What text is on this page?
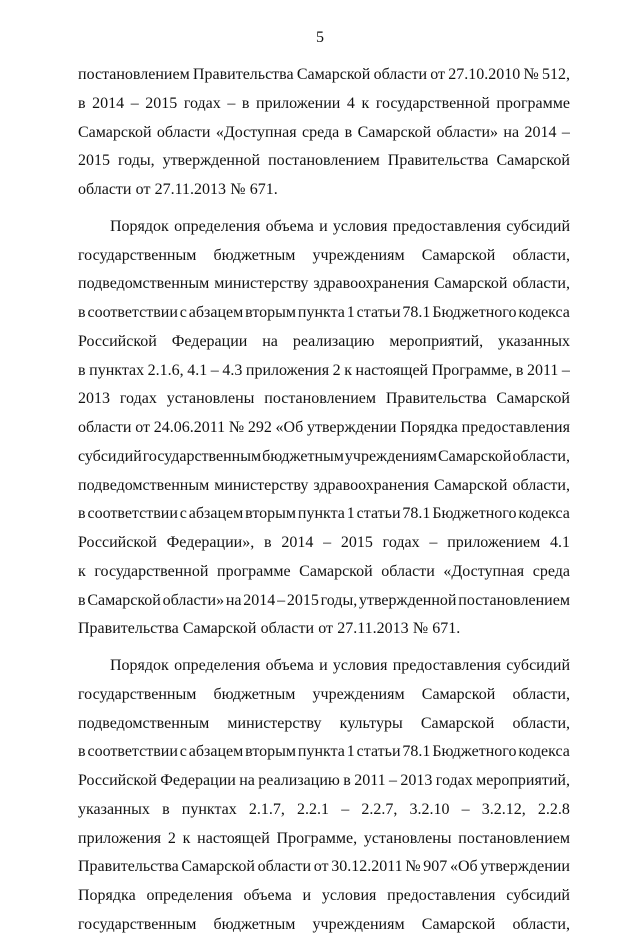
5
постановлением Правительства Самарской области от 27.10.2010 № 512,
в 2014 – 2015 годах – в приложении 4 к государственной программе
Самарской области «Доступная среда в Самарской области» на 2014 –
2015 годы, утвержденной постановлением Правительства Самарской
области от 27.11.2013 № 671.
Порядок определения объема и условия предоставления субсидий
государственным бюджетным учреждениям Самарской области,
подведомственным министерству здравоохранения Самарской области,
в соответствии с абзацем вторым пункта 1 статьи 78.1 Бюджетного кодекса
Российской Федерации на реализацию мероприятий, указанных
в пунктах 2.1.6, 4.1 – 4.3 приложения 2 к настоящей Программе, в 2011 –
2013 годах установлены постановлением Правительства Самарской
области от 24.06.2011 № 292 «Об утверждении Порядка предоставления
субсидий государственным бюджетным учреждениям Самарской области,
подведомственным министерству здравоохранения Самарской области,
в соответствии с абзацем вторым пункта 1 статьи 78.1 Бюджетного кодекса
Российской Федерации», в 2014 – 2015 годах – приложением 4.1
к государственной программе Самарской области «Доступная среда
в Самарской области» на 2014 – 2015 годы, утвержденной постановлением
Правительства Самарской области от 27.11.2013 № 671.
Порядок определения объема и условия предоставления субсидий
государственным бюджетным учреждениям Самарской области,
подведомственным министерству культуры Самарской области,
в соответствии с абзацем вторым пункта 1 статьи 78.1 Бюджетного кодекса
Российской Федерации на реализацию в 2011 – 2013 годах мероприятий,
указанных в пунктах 2.1.7, 2.2.1 – 2.2.7, 3.2.10 – 3.2.12, 2.2.8
приложения 2 к настоящей Программе, установлены постановлением
Правительства Самарской области от 30.12.2011 № 907 «Об утверждении
Порядка определения объема и условия предоставления субсидий
государственным бюджетным учреждениям Самарской области,
